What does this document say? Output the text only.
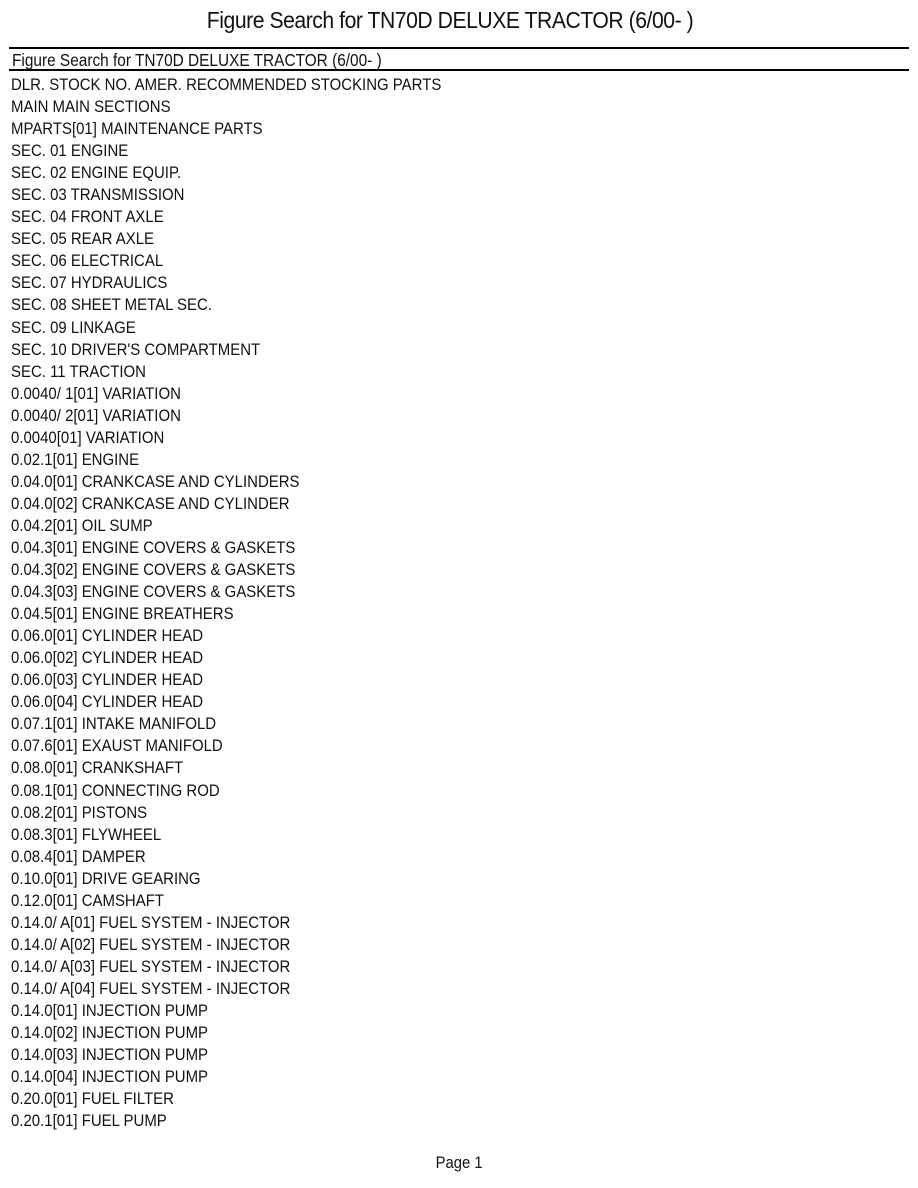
Figure Search for TN70D DELUXE TRACTOR (6/00- )
Figure Search for TN70D DELUXE TRACTOR (6/00- )
DLR. STOCK NO. AMER. RECOMMENDED STOCKING PARTS
MAIN MAIN SECTIONS
MPARTS[01] MAINTENANCE PARTS
SEC. 01 ENGINE
SEC. 02 ENGINE EQUIP.
SEC. 03 TRANSMISSION
SEC. 04 FRONT AXLE
SEC. 05 REAR AXLE
SEC. 06 ELECTRICAL
SEC. 07 HYDRAULICS
SEC. 08 SHEET METAL SEC.
SEC. 09 LINKAGE
SEC. 10 DRIVER'S COMPARTMENT
SEC. 11 TRACTION
0.0040/ 1[01] VARIATION
0.0040/ 2[01] VARIATION
0.0040[01] VARIATION
0.02.1[01] ENGINE
0.04.0[01] CRANKCASE AND CYLINDERS
0.04.0[02] CRANKCASE AND CYLINDER
0.04.2[01] OIL SUMP
0.04.3[01] ENGINE COVERS & GASKETS
0.04.3[02] ENGINE COVERS & GASKETS
0.04.3[03] ENGINE COVERS & GASKETS
0.04.5[01] ENGINE BREATHERS
0.06.0[01] CYLINDER HEAD
0.06.0[02] CYLINDER HEAD
0.06.0[03] CYLINDER HEAD
0.06.0[04] CYLINDER HEAD
0.07.1[01] INTAKE MANIFOLD
0.07.6[01] EXAUST MANIFOLD
0.08.0[01] CRANKSHAFT
0.08.1[01] CONNECTING ROD
0.08.2[01] PISTONS
0.08.3[01] FLYWHEEL
0.08.4[01] DAMPER
0.10.0[01] DRIVE GEARING
0.12.0[01] CAMSHAFT
0.14.0/ A[01] FUEL SYSTEM - INJECTOR
0.14.0/ A[02] FUEL SYSTEM - INJECTOR
0.14.0/ A[03] FUEL SYSTEM - INJECTOR
0.14.0/ A[04] FUEL SYSTEM - INJECTOR
0.14.0[01] INJECTION PUMP
0.14.0[02] INJECTION PUMP
0.14.0[03] INJECTION PUMP
0.14.0[04] INJECTION PUMP
0.20.0[01] FUEL FILTER
0.20.1[01] FUEL PUMP
Page 1
